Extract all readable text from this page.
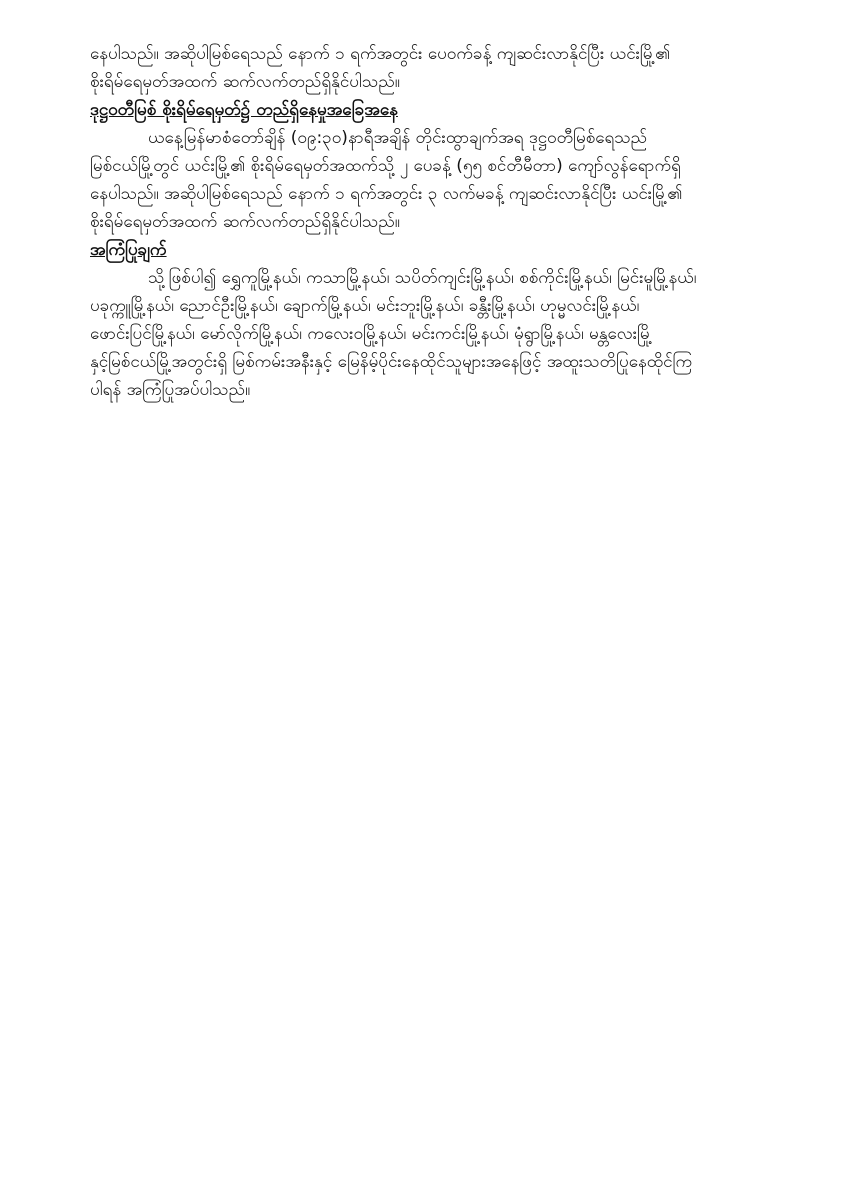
နေပါသည်။ အဆိုပါမြစ်ရေသည် နောက် ၁ ရက်အတွင်း ပေ၀က်ခန့် ကျဆင်းလာနိုင်ပြီး ယင်းမြို့၏
စိုးရိမ်ရေမှတ်အထက် ဆက်လက်တည်ရှိနိုင်ပါသည်။
ဒုဋ္ဌဝတီမြစ် စိုးရိမ်ရေမှတ်၌ တည်ရှိနေမှုအခြေအနေ
ယနေ့မြန်မာစံတော်ချိန် (၀၉:၃၀)နာရီအချိန် တိုင်းထွာချက်အရ ဒုဋ္ဌဝတီမြစ်ရေသည်
မြစ်ငယ်မြို့တွင် ယင်းမြို့၏ စိုးရိမ်ရေမှတ်အထက်သို့ ၂ ပေခန့် (၅၅ စင်တီမီတာ) ကျော်လွန်ရောက်ရှိ
နေပါသည်။ အဆိုပါမြစ်ရေသည် နောက် ၁ ရက်အတွင်း ၃ လက်မခန့် ကျဆင်းလာနိုင်ပြီး ယင်းမြို့၏
စိုးရိမ်ရေမှတ်အထက် ဆက်လက်တည်ရှိနိုင်ပါသည်။
အကြံပြုချက်
သို့ဖြစ်ပါ၍ ရွှေကူမြို့နယ်၊ ကသာမြို့နယ်၊ သပိတ်ကျင်းမြို့နယ်၊ စစ်ကိုင်းမြို့နယ်၊ မြင်းမူမြို့နယ်၊
ပခုက္ကူမြို့နယ်၊ ညောင်ဦးမြို့နယ်၊ ချောက်မြို့နယ်၊ မင်းဘူးမြို့နယ်၊ ခန္တီးမြို့နယ်၊ ဟုမ္မလင်းမြို့နယ်၊
ဖောင်းပြင်မြို့နယ်၊ မော်လိုက်မြို့နယ်၊ ကလေးဝမြို့နယ်၊ မင်းကင်းမြို့နယ်၊ မုံရွာမြို့နယ်၊ မန္တလေးမြို့
နှင့်မြစ်ငယ်မြို့အတွင်းရှိ မြစ်ကမ်းအနီးနှင့် မြေနိမ့်ပိုင်းနေထိုင်သူများအနေဖြင့် အထူးသတိပြုနေထိုင်ကြ
ပါရန် အကြံပြုအပ်ပါသည်။
